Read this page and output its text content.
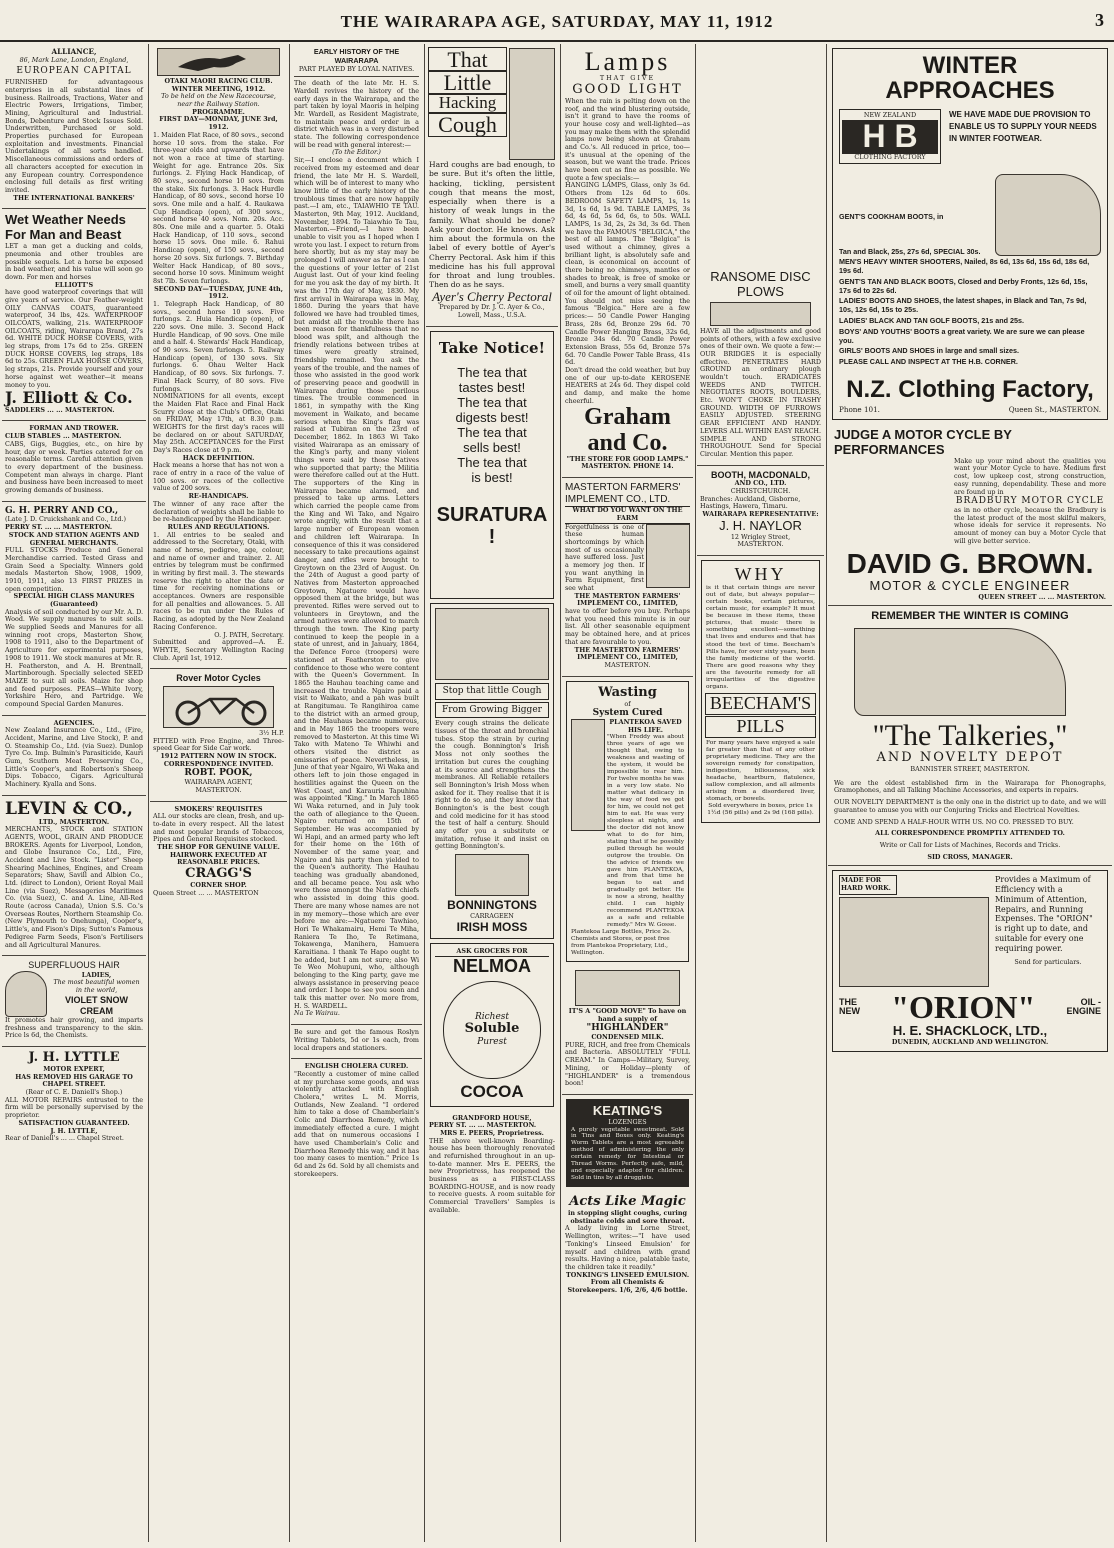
THE WAIRARAPA AGE, SATURDAY, MAY 11, 1912	3
ALLIANCE,
86, Mark Lane, London, England,
EUROPEAN CAPITAL
FURNISHED for advantageous enterprises in all substantial lines of business. Railroads, Tractions, Water and Electric Powers, Irrigations, Timber, Mining, Agricultural and Industrial. Bonds, Debenture and Stock Issues Sold. Underwritten, Purchased or sold. Properties purchased for European exploitation and investments. Financial Undertakings of all sorts handled. Miscellaneous commissions and orders of all characters accepted for execution in any European country. Correspondence enclosing full details as first writing invited.
THE INTERNATIONAL BANKERS'
Wet Weather Needs For Man and Beast
LET a man get a ducking and colds, pneumonia and other troubles are possible sequels. Let a horse be exposed in bad weather, and his value will soon go down. For men and horses
ELLIOTT'S
have good waterproof coverings that will give years of service. Our Feather-weight OILY CANVAS COATS, guaranteed waterproof, 34 lbs, 42s. WATERPROOF OILCOATS, walking, 21s. WATERPROOF OILCOATS, riding, Wairarapa Brand, 27s 6d. WHITE DUCK HORSE COVERS, with leg straps, from 17s 6d to 25s. GREEN DUCK HORSE COVERS, leg straps, 18s 6d to 25s. GREEN FLAX HORSE COVERS, leg straps, 21s. Provide yourself and your horse against wet weather—it means money to you.
J. Elliott & Co.
SADDLERS ... ... MASTERTON.
FORMAN AND TROWER.
CLUB STABLES ... MASTERTON.
CABS, Gigs, Buggies, etc., on hire by hour, day or week. Parties catered for on reasonable terms. Careful attention given to every department of the business. Competent man always in charge. Plant and business have been increased to meet growing demands of business.
G. H. PERRY AND CO.,
(Late J. D. Cruickshank and Co., Ltd.)
PERRY ST. ... ... MASTERTON.
STOCK AND STATION AGENTS AND GENERAL MERCHANTS.
FULL STOCKS Produce and General Merchandise carried. Tested Grass and Grain Seed a Specialty. Winners gold medals Masterton Show, 1908, 1909, 1910, 1911, also 13 FIRST PRIZES in open competition.
SPECIAL HIGH CLASS MANURES (Guaranteed)
Analysis of soil conducted by our Mr. A. D. Wood. We supply manures to suit soils. We supplied Seeds and Manures for all winning root crops, Masterton Show, 1908 to 1911, also to the Department of Agriculture for experimental purposes, 1908 to 1911. We stock manures at Mr. R. H. Featherston, and A. H. Brentnall, Martinborough. Specially selected SEED MAIZE to suit all soils. Maize for shop and feed purposes. PEAS—White Ivory, Yorkshire Hero, and Partridge. We compound Special Garden Manures.
AGENCIES.
New Zealand Insurance Co., Ltd., (Fire, Accident, Marine, and Live Stock), P. and O. Steamship Co., Ltd. (via Suez). Dunlop Tyre Co. Imp. Bulmin's Parasiticide, Kauri Gum, Scuthorn Meat Preserving Co., Little's Cooper's, and Robertson's Sheep Dips. Tobacco, Cigars. Agricultural Machinery. Kyalla and Sons.
LEVIN & CO.,
LTD., MASTERTON.
MERCHANTS, STOCK and STATION AGENTS, WOOL, GRAIN AND PRODUCE BROKERS. Agents for Liverpool, London, and Globe Insurance Co., Ltd., Fire, Accident and Live Stock. "Lister" Sheep Shearing Machines, Engines, and Cream Separators; Shaw, Savill and Albion Co., Ltd. (direct to London), Orient Royal Mail Line (via Suez), Messageries Maritimes Co. (via Suez), C. and A. Line, All-Red Route (across Canada), Union S.S. Co.'s Overseas Routes, Northern Steamship Co. (New Plymouth to Onehunga), Cooper's, Little's, and Fison's Dips; Sutton's Famous Pedigree Farm Seeds, Fison's Fertilisers and all Agricultural Manures.
SUPERFLUOUS HAIR
LADIES,
The most beautiful women in the world,
VIOLET SNOW CREAM
It promotes hair growing, and imparts freshness and transparency to the skin. Price ls 6d, the Chemists.
J. H. LYTTLE
MOTOR EXPERT,
HAS REMOVED HIS GARAGE TO CHAPEL STREET.
(Rear of C. E. Daniell's Shop.)
ALL MOTOR REPAIRS entrusted to the firm will be personally supervised by the proprietor.
SATISFACTION GUARANTEED.
J. H. LYTTLE,
Rear of Daniell's ... ... Chapel Street.
OTAKI MAORI RACING CLUB.
WINTER MEETING, 1912.
To be held on the New Racecourse, near the Railway Station.
PROGRAMME.
FIRST DAY—MONDAY, JUNE 3rd, 1912.
1. Maiden Flat Race, of 80 sovs., second horse 10 sovs. from the stake. For three-year olds and upwards that have not won a race at time of starting. Weight for age. Entrance 20s. Six furlongs. 2. Flying Hack Handicap, of 80 sovs., second horse 10 sovs. from the stake. Six furlongs. 3. Hack Hurdle Handicap, of 80 sovs., second horse 10 sovs. One mile and a half. 4. Raukawa Cup Handicap (open), of 300 sovs., second horse 40 sovs. Nom. 20s. Acc. 80s. One mile and a quarter. 5. Otaki Hack Handicap, of 110 sovs., second horse 15 sovs. One mile. 6. Rahui Handicap (open), of 150 sovs., second horse 20 sovs. Six furlongs. 7. Birthday Welter Hack Handicap, of 80 sovs., second horse 10 sovs. Minimum weight 8st 7lb. Seven furlongs.
SECOND DAY—TUESDAY, JUNE 4th, 1912.
1. Telegraph Hack Handicap, of 80 sovs., second horse 10 sovs. Five furlongs. 2. Huia Handicap (open), of 220 sovs. One mile. 3. Second Hack Hurdle Handicap, of 90 sovs. One mile and a half. 4. Stewards' Hack Handicap, of 90 sovs. Seven furlongs. 5. Railway Handicap (open), of 130 sovs. Six furlongs. 6. Ohau Welter Hack Handicap, of 80 sovs. Six furlongs. 7. Final Hack Scurry, of 80 sovs. Five furlongs.
NOMINATIONS for all events, except the Maiden Flat Race and Final Hack Scurry close at the Club's Office, Otaki on FRIDAY, May 17th, at 8.30 p.m. WEIGHTS for the first day's races will be declared on or about SATURDAY, May 25th. ACCEPTANCES for the First Day's Races close at 9 p.m.
HACK DEFINITION.
Hack means a horse that has not won a race of entry in a race of the value of 100 sovs. or races of the collective value of 200 sovs.
RE-HANDICAPS.
The winner of any race after the declaration of weights shall be liable to be re-handicapped by the Handicapper.
RULES AND REGULATIONS.
1. All entries to be sealed and addressed to the Secretary, Otaki, with name of horse, pedigree, age, colour, and name of owner and trainer. 2. All entries by telegram must be confirmed in writing by first mail. 3. The stewards reserve the right to alter the date or time for receiving nominations or acceptances. Owners are responsible for all penalties and allowances. 5. All races to be run under the Rules of Racing, as adopted by the New Zealand Racing Conference.
O. J. PATH, Secretary.
Submitted and approved—A. E. WHYTE, Secretary Wellington Racing Club. April 1st, 1912.
Rover Motor Cycles
3½ H.P.
FITTED with Free Engine, and Three-speed Gear for Side Car work.
1912 PATTERN NOW IN STOCK.
CORRESPONDENCE INVITED.
ROBT. POOK,
WAIRARAPA AGENT,
MASTERTON.
SMOKERS' REQUISITES
ALL our stocks are clean, fresh, and up-to-date in every respect. All the latest and most popular brands of Tobaccos, Pipes and General Requisites stocked.
THE SHOP FOR GENUINE VALUE.
HAIRWORK EXECUTED AT REASONABLE PRICES.
CRAGG'S
CORNER SHOP.
Queen Street ... ... MASTERTON
EARLY HISTORY OF THE WAIRARAPA
PART PLAYED BY LOYAL NATIVES.
The death of the late Mr. H. S. Wardell revives the history of the early days in the Wairarapa, and the part taken by loyal Maoris in helping Mr. Wardell, as Resident Magistrate, to maintain peace and order in a district which was in a very disturbed state. The following correspondence will be read with general interest:—
(To the Editor.)
Sir,—I enclose a document which I received from my esteemed and dear friend, the late Mr H. S. Wardell, which will be of interest to many who know little of the early history of the troublous times that are now happily past.—I am, etc., TAIAWHIO TE TAU. Masterton, 9th May, 1912. Auckland, November, 1894. To Taiawhio Te Tau, Masterton.—Friend,—I have been unable to visit you as I hoped when I wrote you last. I expect to return from here shortly, but as my stay may be prolonged I will answer as far as I can the questions of your letter of 21st August last. Out of your kind feeling for me you ask the day of my birth. It was the 17th day of May, 1830. My first arrival in Wairarapa was in May, 1860. During the years that have followed we have had troubled times, but amidst all the trouble there has been reason for thankfulness that no blood was spilt, and although the friendly relations between tribes at times were greatly strained, friendship remained. You ask the years of the trouble, and the names of those who assisted in the good work of preserving peace and goodwill in Wairarapa during those perilous times. The trouble commenced in 1861, in sympathy with the King movement in Waikato, and became serious when the King's flag was raised at Tubiran on the 23rd of December, 1862. In 1863 Wi Tako visited Wairarapa as an emissary of the King's party, and many violent things were said by those Natives who supported that party; the Militia were therefore called out at the Hutt. The supporters of the King in Wairarapa became alarmed, and pressed to take up arms. Letters which carried the people came from the King and Wi Tako, and Ngairo wrote angrily, with the result that a large number of European women and children left Wairarapa. In consequence of this it was considered necessary to take precautions against danger, and rifles were brought to Greytown on the 23rd of August. On the 24th of August a good party of Natives from Masterton approached Greytown, Ngatuere would have opposed them at the bridge, but was prevented. Rifles were served out to volunteers in Greytown, and the armed natives were allowed to march through the town. The King party continued to keep the people in a state of unrest, and in January, 1864, the Defence Force (troopers) were stationed at Featherston to give confidence to those who were content with the Queen's Government. In 1865 the Hauhau teaching came and increased the trouble. Ngairo paid a visit to Waikato, and a pah was built at Rangitumau. Te Rangihiroa came to the district with an armed group, and the Hauhaus became numerous, and in May 1865 the troopers were removed to Masterton. At this time Wi Tako with Mateno Te Whiwhi and others visited the district as emissaries of peace. Nevertheless, in June of that year Ngairo, Wi Waka and others left to join those engaged in hostilities against the Queen on the West Coast, and Karauria Tapuhina was appointed "King." In March 1865 Wi Waka returned, and in July took the oath of allegiance to the Queen. Ngairo returned on 15th of September. He was accompanied by Wi Hapi, and an armed party who left for their home on the 16th of November of the same year, and Ngairo and his party then yielded to the Queen's authority. The Hauhau teaching was gradually abandoned, and all became peace. You ask who were those amongst the Native chiefs who assisted in doing this good. There are many whose names are not in my memory—those which are ever before me are:—Ngatuere Tawhiao, Hori Te Whakamairu, Hemi Te Miha, Raniera Te Iho, Te Retimana, Tokawenga, Manihera, Hamuera Karaitiana. I thank Te Hapo ought to be added, but I am not sure; also Wi Te Weo Mohupuni, who, although belonging to the King party, gave me always assistance in preserving peace and order. I hope to see you soon and talk this matter over. No more from, H. S. WARDELL.
Na Te Wairau.
Be sure and get the famous Roslyn Writing Tablets, 5d or 1s each, from local drapers and stationers.
ENGLISH CHOLERA CURED.
"Recently a customer of mine called at my purchase some goods, and was violently attacked with English Cholera," writes L. M. Morris, Outlands, New Zealand. "I ordered him to take a dose of Chamberlain's Colic and Diarrhoea Remedy, which immediately effected a cure. I might add that on numerous occasions I have used Chamberlain's Colic and Diarrhoea Remedy this way, and it has too many cases to mention." Price 1s 6d and 2s 6d. Sold by all chemists and storekeepers.
That
Little
Hacking
Cough
Hard coughs are bad enough, to be sure. But it's often the little, hacking, tickling, persistent cough that means the most, especially when there is a history of weak lungs in the family. What should be done? Ask your doctor. He knows. Ask him about the formula on the label of every bottle of Ayer's Cherry Pectoral. Ask him if this medicine has his full approval for throat and lung troubles. Then do as he says.
Ayer's Cherry Pectoral
Prepared by Dr. J. C. Ayer & Co., Lowell, Mass., U.S.A.
Take Notice!
The tea that
tastes best!
The tea that
digests best!
The tea that
sells best!
The tea that
is best!
SURATURA !
Stop that little Cough
From Growing Bigger
Every cough strains the delicate tissues of the throat and bronchial tubes. Stop the strain by curing the cough. Bonnington's Irish Moss not only soothes the irritation but cures the coughing at its source and strengthens the membranes. All Reliable retailers sell Bonnington's Irish Moss when asked for it. They realise that it is right to do so, and they know that Bonnington's is the best cough and cold medicine for it has stood the test of half a century. Should any offer you a substitute or imitation, refuse it and insist on getting Bonnington's.
BONNINGTONS
CARRAGEEN
IRISH MOSS
ASK GROCERS FOR
NELMOA
Richest
Soluble
Purest
COCOA
GRANDFORD HOUSE,
PERRY ST. ... ... MASTERTON.
MRS E. PEERS, Proprietress.
THE above well-known Boarding-house has been thoroughly renovated and refurnished throughout in an up-to-date manner. Mrs E. PEERS, the new Proprietress, has reopened the business as a FIRST-CLASS BOARDING-HOUSE, and is now ready to receive guests. A room suitable for Commercial Travellers' Samples is available.
Lamps
THAT GIVE
GOOD LIGHT
When the rain is pelting down on the roof, and the wind blustering outside, isn't it grand to have the rooms of your house cosy and well-lighted—as you may make them with the splendid lamps now being shown at Graham and Co.'s. All reduced in price, too—it's unusual at the opening of the season, but we want the trade. Prices have been cut as fine as possible. We quote a few specials:—
HANGING LAMPS, Glass, only 3s 6d. Others from 12s 6d to 60s. BEDROOM SAFETY LAMPS, 1s, 1s 3d, 1s 6d, 1s 9d. TABLE LAMPS, 3s 6d, 4s 6d, 5s 6d, 6s, to 50s. WALL LAMPS, 1s 3d, 2s, 2s 3d, 3s 6d. Then we have the FAMOUS "BELGICA," the best of all lamps. The "Belgica" is used without a chimney, gives a brilliant light, is absolutely safe and clean, is economical on account of there being no chimneys, mantles or shades to break, is free of smoke or smell, and burns a very small quantity of oil for the amount of light obtained. You should not miss seeing the famous "Belgica." Here are a few prices:— 50 Candle Power Hanging Brass, 28s 6d, Bronze 29s 6d. 70 Candle Power Hanging Brass, 32s 6d, Bronze 34s 6d. 70 Candle Power Extension Brass, 55s 6d, Bronze 57s 6d. 70 Candle Power Table Brass, 41s 6d.
Don't dread the cold weather, but buy one of our up-to-date KEROSENE HEATERS at 24s 6d. They dispel cold and damp, and make the home cheerful.
Graham and Co.
"THE STORE FOR GOOD LAMPS." MASTERTON. PHONE 14.
MASTERTON FARMERS' IMPLEMENT CO., LTD.
WHAT DO YOU WANT ON THE FARM
Forgetfulness is one of these human shortcomings by which most of us occasionally have suffered loss. Just a memory jog then. If you want anything in Farm Equipment, first see what
THE MASTERTON FARMERS' IMPLEMENT CO., LIMITED,
have to offer before you buy. Perhaps what you need this minute is in our list. All other seasonable equipment may be obtained here, and at prices that are favourable to you.
THE MASTERTON FARMERS' IMPLEMENT CO., LIMITED,
MASTERTON.
Wasting
of
System Cured
PLANTEKOA SAVED HIS LIFE.
"When Freddy was about three years of age we thought that, owing to weakness and wasting of the system, it would be impossible to rear him. For twelve months he was in a very low state. No matter what delicacy in the way of food we got for him, we could not get him to eat. He was very sleepless at nights, and the doctor did not know what to do for him, stating that if he possibly pulled through he would outgrow the trouble. On the advice of friends we gave him PLANTEKOA, and from that time he began to eat and gradually got better. He is now a strong, healthy child. I can highly recommend PLANTEKOA as a safe and reliable remedy." Mrs W. Gosse.
Plantekoa Large Bottles, Price 2s. Chemists and Stores, or post free from Plantekoa Proprietary, Ltd., Wellington.
IT'S A "GOOD MOVE" To have on hand a supply of
"HIGHLANDER"
CONDENSED MILK.
PURE, RICH, and free from Chemicals and Bacteria. ABSOLUTELY "FULL CREAM." In Camps—Military, Survey, Mining, or Holiday—plenty of "HIGHLANDER" is a tremendous boon!
KEATING'S
LOZENGES
A purely vegetable sweetmeat. Sold in Tins and Boxes only. Keating's Worm Tablets are a most agreeable method of administering the only certain remedy for Intestinal or Thread Worms. Perfectly safe, mild, and especially adapted for children. Sold in tins by all druggists.
Acts Like Magic
in stopping slight coughs, curing obstinate colds and sore throat.
A lady living in Lorne Street, Wellington, writes:—"I have used 'Tonking's Linseed Emulsion' for myself and children with grand results. Having a nice, palatable taste, the children take it readily."
TONKING'S LINSEED EMULSION. From all Chemists & Storekeepers. 1/6, 2/6, 4/6 bottle.
RANSOME DISC PLOWS
HAVE all the adjustments and good points of others, with a few exclusive ones of their own. We quote a few:— OUR BRIDGES it is especially effective. PENETRATES HARD GROUND an ordinary plough wouldn't touch. ERADICATES WEEDS AND TWITCH. NEGOTIATES ROOTS, BOULDERS, Etc. WON'T CHOKE IN TRASHY GROUND. WIDTH OF FURROWS EASILY ADJUSTED. STEERING GEAR EFFICIENT AND HANDY. LEVERS ALL WITHIN EASY REACH. SIMPLE AND STRONG THROUGHOUT. Send for Special Circular. Mention this paper.
BOOTH, MACDONALD,
AND CO., LTD.
CHRISTCHURCH.
Branches: Auckland, Gisborne, Hastings, Hawera, Timaru.
WAIRARAPA REPRESENTATIVE:
J. H. NAYLOR
12 Wrigley Street,
MASTERTON.
WHY
is it that certain things are never out of date, but always popular—certain books, certain pictures, certain music, for example? It must be because in these items, these pictures, that music there is something excellent—something that lives and endures and that has stood the test of time. Beecham's Pills have, for over sixty years, been the family medicine of the world. There are good reasons why they are the favourite remedy for all irregularities of the digestive organs.
BEECHAM'S
PILLS
For many years have enjoyed a sale far greater than that of any other proprietary medicine. They are the sovereign remedy for constipation, indigestion, biliousness, sick headache, heartburn, flatulence, sallow complexion, and all ailments arising from a disordered liver, stomach, or bowels.
Sold everywhere in boxes, price 1s 1½d (56 pills) and 2s 9d (168 pills).
WINTER APPROACHES
NEW ZEALAND
H B
CLOTHING FACTORY
WE HAVE MADE DUE PROVISION TO ENABLE US TO SUPPLY YOUR NEEDS IN WINTER FOOTWEAR.
GENT'S COOKHAM BOOTS, in
Tan and Black, 25s, 27s 6d, SPECIAL 30s.
MEN'S HEAVY WINTER SHOOTERS, Nailed, 8s 6d, 13s 6d, 15s 6d, 18s 6d, 19s 6d.
GENT'S TAN AND BLACK BOOTS, Closed and Derby Fronts, 12s 6d, 15s, 17s 6d to 22s 6d.
LADIES' BOOTS AND SHOES, the latest shapes, in Black and Tan, 7s 9d, 10s, 12s 6d, 15s to 25s.
LADIES' BLACK AND TAN GOLF BOOTS, 21s and 25s.
BOYS' AND YOUTHS' BOOTS a great variety. We are sure we can please you.
GIRLS' BOOTS AND SHOES in large and small sizes.
PLEASE CALL AND INSPECT AT THE H.B. CORNER.
N.Z. Clothing Factory,
Phone 101.	Queen St., MASTERTON.
JUDGE A MOTOR CYCLE BY PERFORMANCES
Make up your mind about the qualities you want your Motor Cycle to have. Medium first cost, low upkeep cost, strong construction, easy running, dependability. These and more are found up in
BRADBURY MOTOR CYCLE
as in no other cycle, because the Bradbury is the latest product of the most skilful makers, whose ideals for service it represents. No amount of money can buy a Motor Cycle that will give better service.
DAVID G. BROWN.
MOTOR & CYCLE ENGINEER
QUEEN STREET ... ... MASTERTON.
REMEMBER THE WINTER IS COMING
"The Talkeries,"
AND NOVELTY DEPOT
BANNISTER STREET, MASTERTON.
We are the oldest established firm in the Wairarapa for Phonographs, Gramophones, and all Talking Machine Accessories, and experts in repairs.
OUR NOVELTY DEPARTMENT is the only one in the district up to date, and we will guarantee to amuse you with our Conjuring Tricks and Electrical Novelties.
COME AND SPEND A HALF-HOUR WITH US. NO CO. PRESSED TO BUY.
ALL CORRESPONDENCE PROMPTLY ATTENDED TO.
Write or Call for Lists of Machines, Records and Tricks.
SID CROSS, MANAGER.
MADE FOR HARD WORK.
Provides a Maximum of Efficiency with a Minimum of Attention, Repairs, and Running Expenses. The "ORION" is right up to date, and suitable for every one requiring power.
Send for particulars.
THE
NEW "ORION"	OIL -
ENGINE
H. E. SHACKLOCK, LTD.,
DUNEDIN, AUCKLAND AND WELLINGTON.
